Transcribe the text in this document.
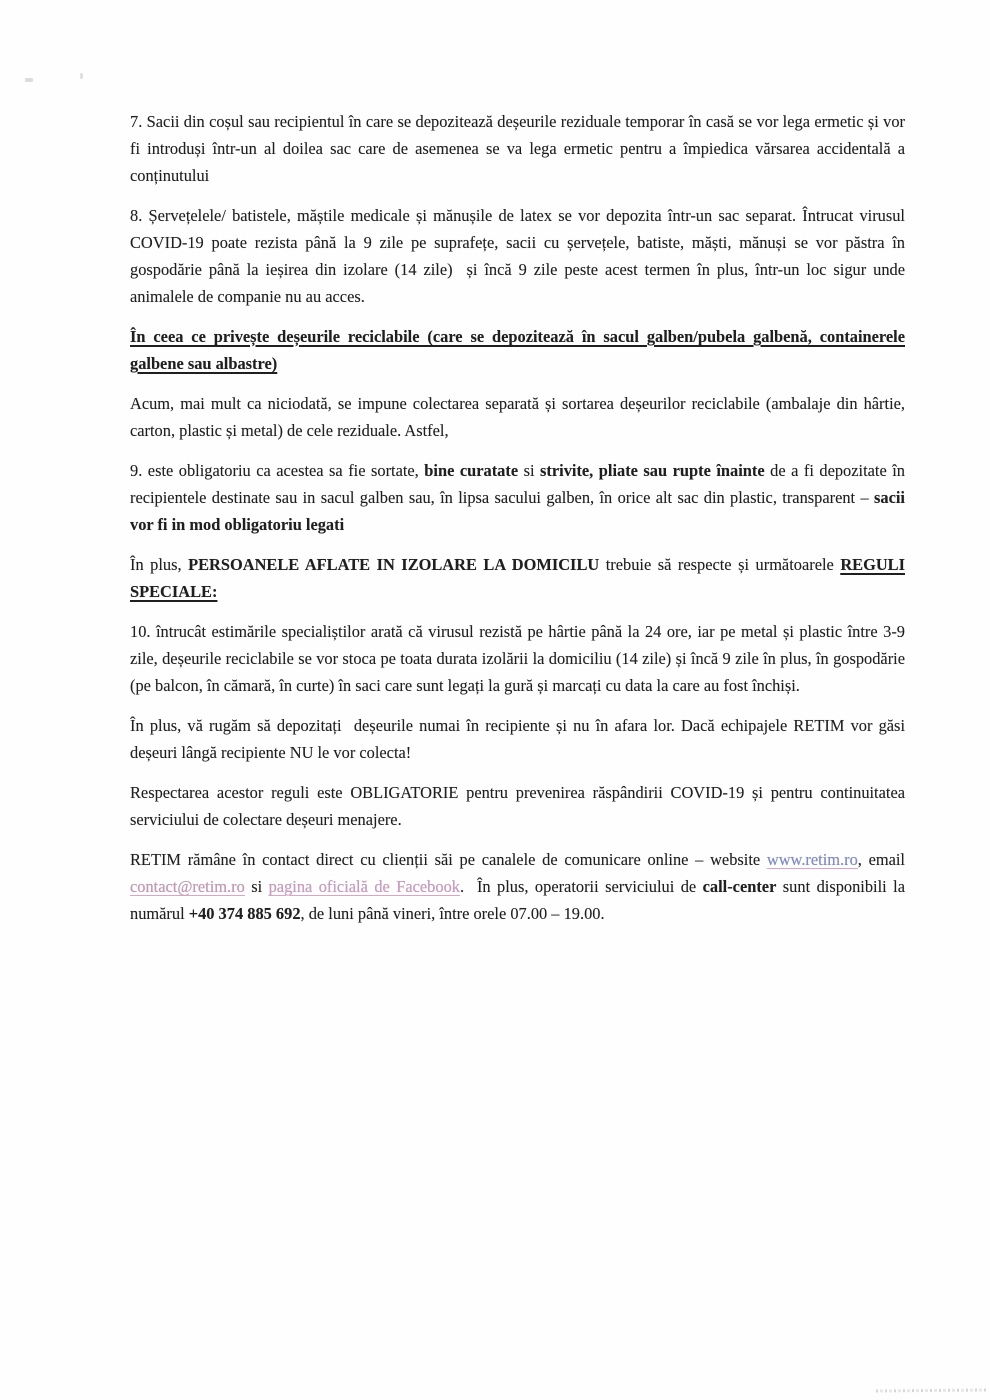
7. Sacii din coșul sau recipientul în care se depozitează deșeurile reziduale temporar în casă se vor lega ermetic și vor fi introduși într-un al doilea sac care de asemenea se va lega ermetic pentru a împiedica vărsarea accidentală a conținutului

8. Șervețelele/ batistele, măștile medicale și mănușile de latex se vor depozita într-un sac separat. Întrucat virusul COVID-19 poate rezista până la 9 zile pe suprafețe, sacii cu șervețele, batiste, măști, mănuși se vor păstra în gospodărie până la ieșirea din izolare (14 zile)  și încă 9 zile peste acest termen în plus, într-un loc sigur unde animalele de companie nu au acces.

În ceea ce privește deșeurile reciclabile (care se depozitează în sacul galben/pubela galbenă, containerele galbene sau albastre)

Acum, mai mult ca niciodată, se impune colectarea separată și sortarea deșeurilor reciclabile (ambalaje din hârtie, carton, plastic și metal) de cele reziduale. Astfel,

9. este obligatoriu ca acestea sa fie sortate, bine curatate si strivite, pliate sau rupte înainte de a fi depozitate în recipientele destinate sau in sacul galben sau, în lipsa sacului galben, în orice alt sac din plastic, transparent – sacii vor fi in mod obligatoriu legati

În plus, PERSOANELE AFLATE IN IZOLARE LA DOMICILU trebuie să respecte și următoarele REGULI SPECIALE:

10. întrucât estimările specialiștilor arată că virusul rezistă pe hârtie până la 24 ore, iar pe metal și plastic între 3-9 zile, deșeurile reciclabile se vor stoca pe toata durata izolării la domiciliu (14 zile) și încă 9 zile în plus, în gospodărie (pe balcon, în cămară, în curte) în saci care sunt legați la gură și marcați cu data la care au fost închiși.

În plus, vă rugăm să depozitați  deșeurile numai în recipiente și nu în afara lor. Dacă echipajele RETIM vor găsi deșeuri lângă recipiente NU le vor colecta!

Respectarea acestor reguli este OBLIGATORIE pentru prevenirea răspândirii COVID-19 și pentru continuitatea serviciului de colectare deșeuri menajere.

RETIM rămâne în contact direct cu clienții săi pe canalele de comunicare online – website www.retim.ro, email contact@retim.ro si pagina oficială de Facebook.  În plus, operatorii serviciului de call-center sunt disponibili la numărul +40 374 885 692, de luni până vineri, între orele 07.00 – 19.00.
